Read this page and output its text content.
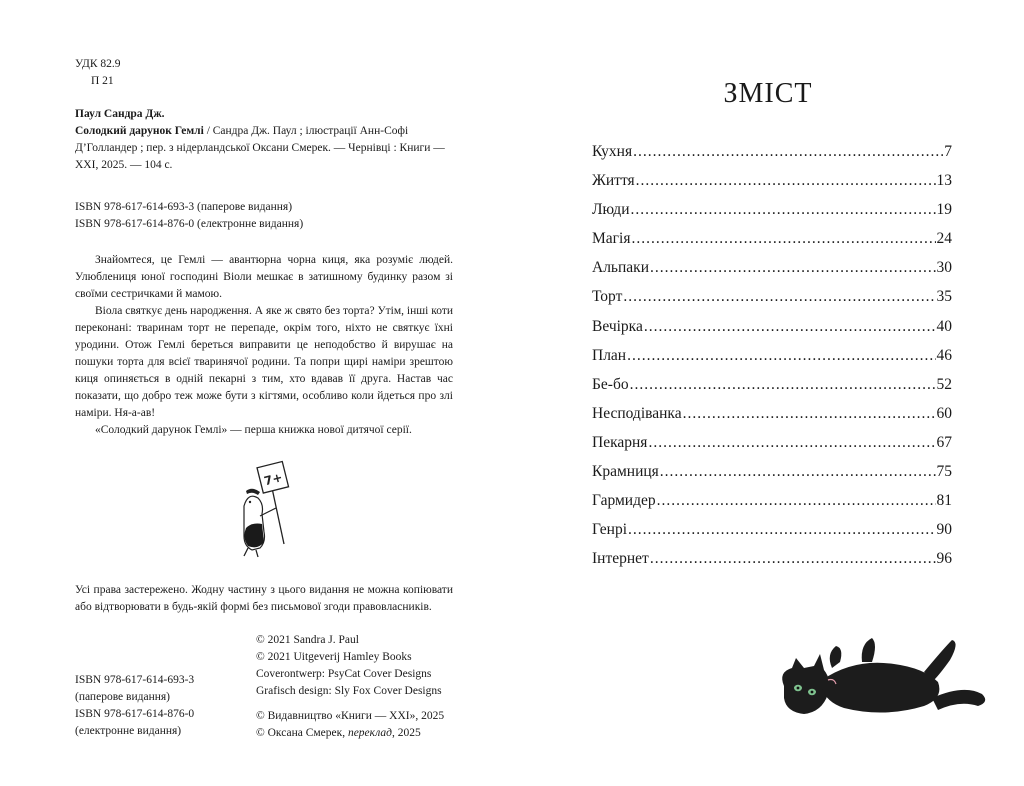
УДК 82.9
П 21
Паул Сандра Дж.
Солодкий дарунок Гемлі / Сандра Дж. Паул ; ілюстрації Анн-Софі Д’Голландер ; пер. з нідерландської Оксани Смерек. — Чернівці : Книги — ХХІ, 2025. — 104 с.
ISBN 978-617-614-693-3 (паперове видання)
ISBN 978-617-614-876-0 (електронне видання)

Знайомтеся, це Гемлі — авантюрна чорна киця, яка розуміє людей. Улюблениця юної господині Віоли мешкає в затишному будинку разом зі своїми сестричками й мамою.

Віола святкує день народження. А яке ж свято без торта? Утім, інші коти переконані: тваринам торт не перепаде, окрім того, ніхто не святкує їхні уродини. Отож Гемлі береться виправити це неподобство й вирушає на пошуки торта для всієї тваринячої родини. Та попри щирі наміри зрештою киця опиняється в одній пекарні з тим, хто вдавав її друга. Настав час показати, що добро теж може бути з кігтями, особливо коли йдеться про злі наміри. Ня-а-ав!

«Солодкий дарунок Гемлі» — перша книжка нової дитячої серії.

7+
Усі права застережено. Жодну частину з цього видання не можна копіювати або відтворювати в будь-якій формі без письмової згоди правовласників.
ISBN 978-617-614-693-3
(паперове видання)
ISBN 978-617-614-876-0
(електронне видання)
© 2021 Sandra J. Paul
© 2021 Uitgeverij Hamley Books
Coverontwerp: PsyCat Cover Designs
Grafisch design: Sly Fox Cover Designs
© Видавництво «Книги — ХХІ», 2025
© Оксана Смерек, переклад, 2025
ЗМІСТ
Кухня .....	7
Життя .....	13
Люди .....	19
Магія .....	24
Альпаки .....	30
Торт .....	35
Вечірка .....	40
План .....	46
Бе-бо .....	52
Несподіванка .....	60
Пекарня .....	67
Крамниця .....	75
Гармидер .....	81
Генрі .....	90
Інтернет .....	96
